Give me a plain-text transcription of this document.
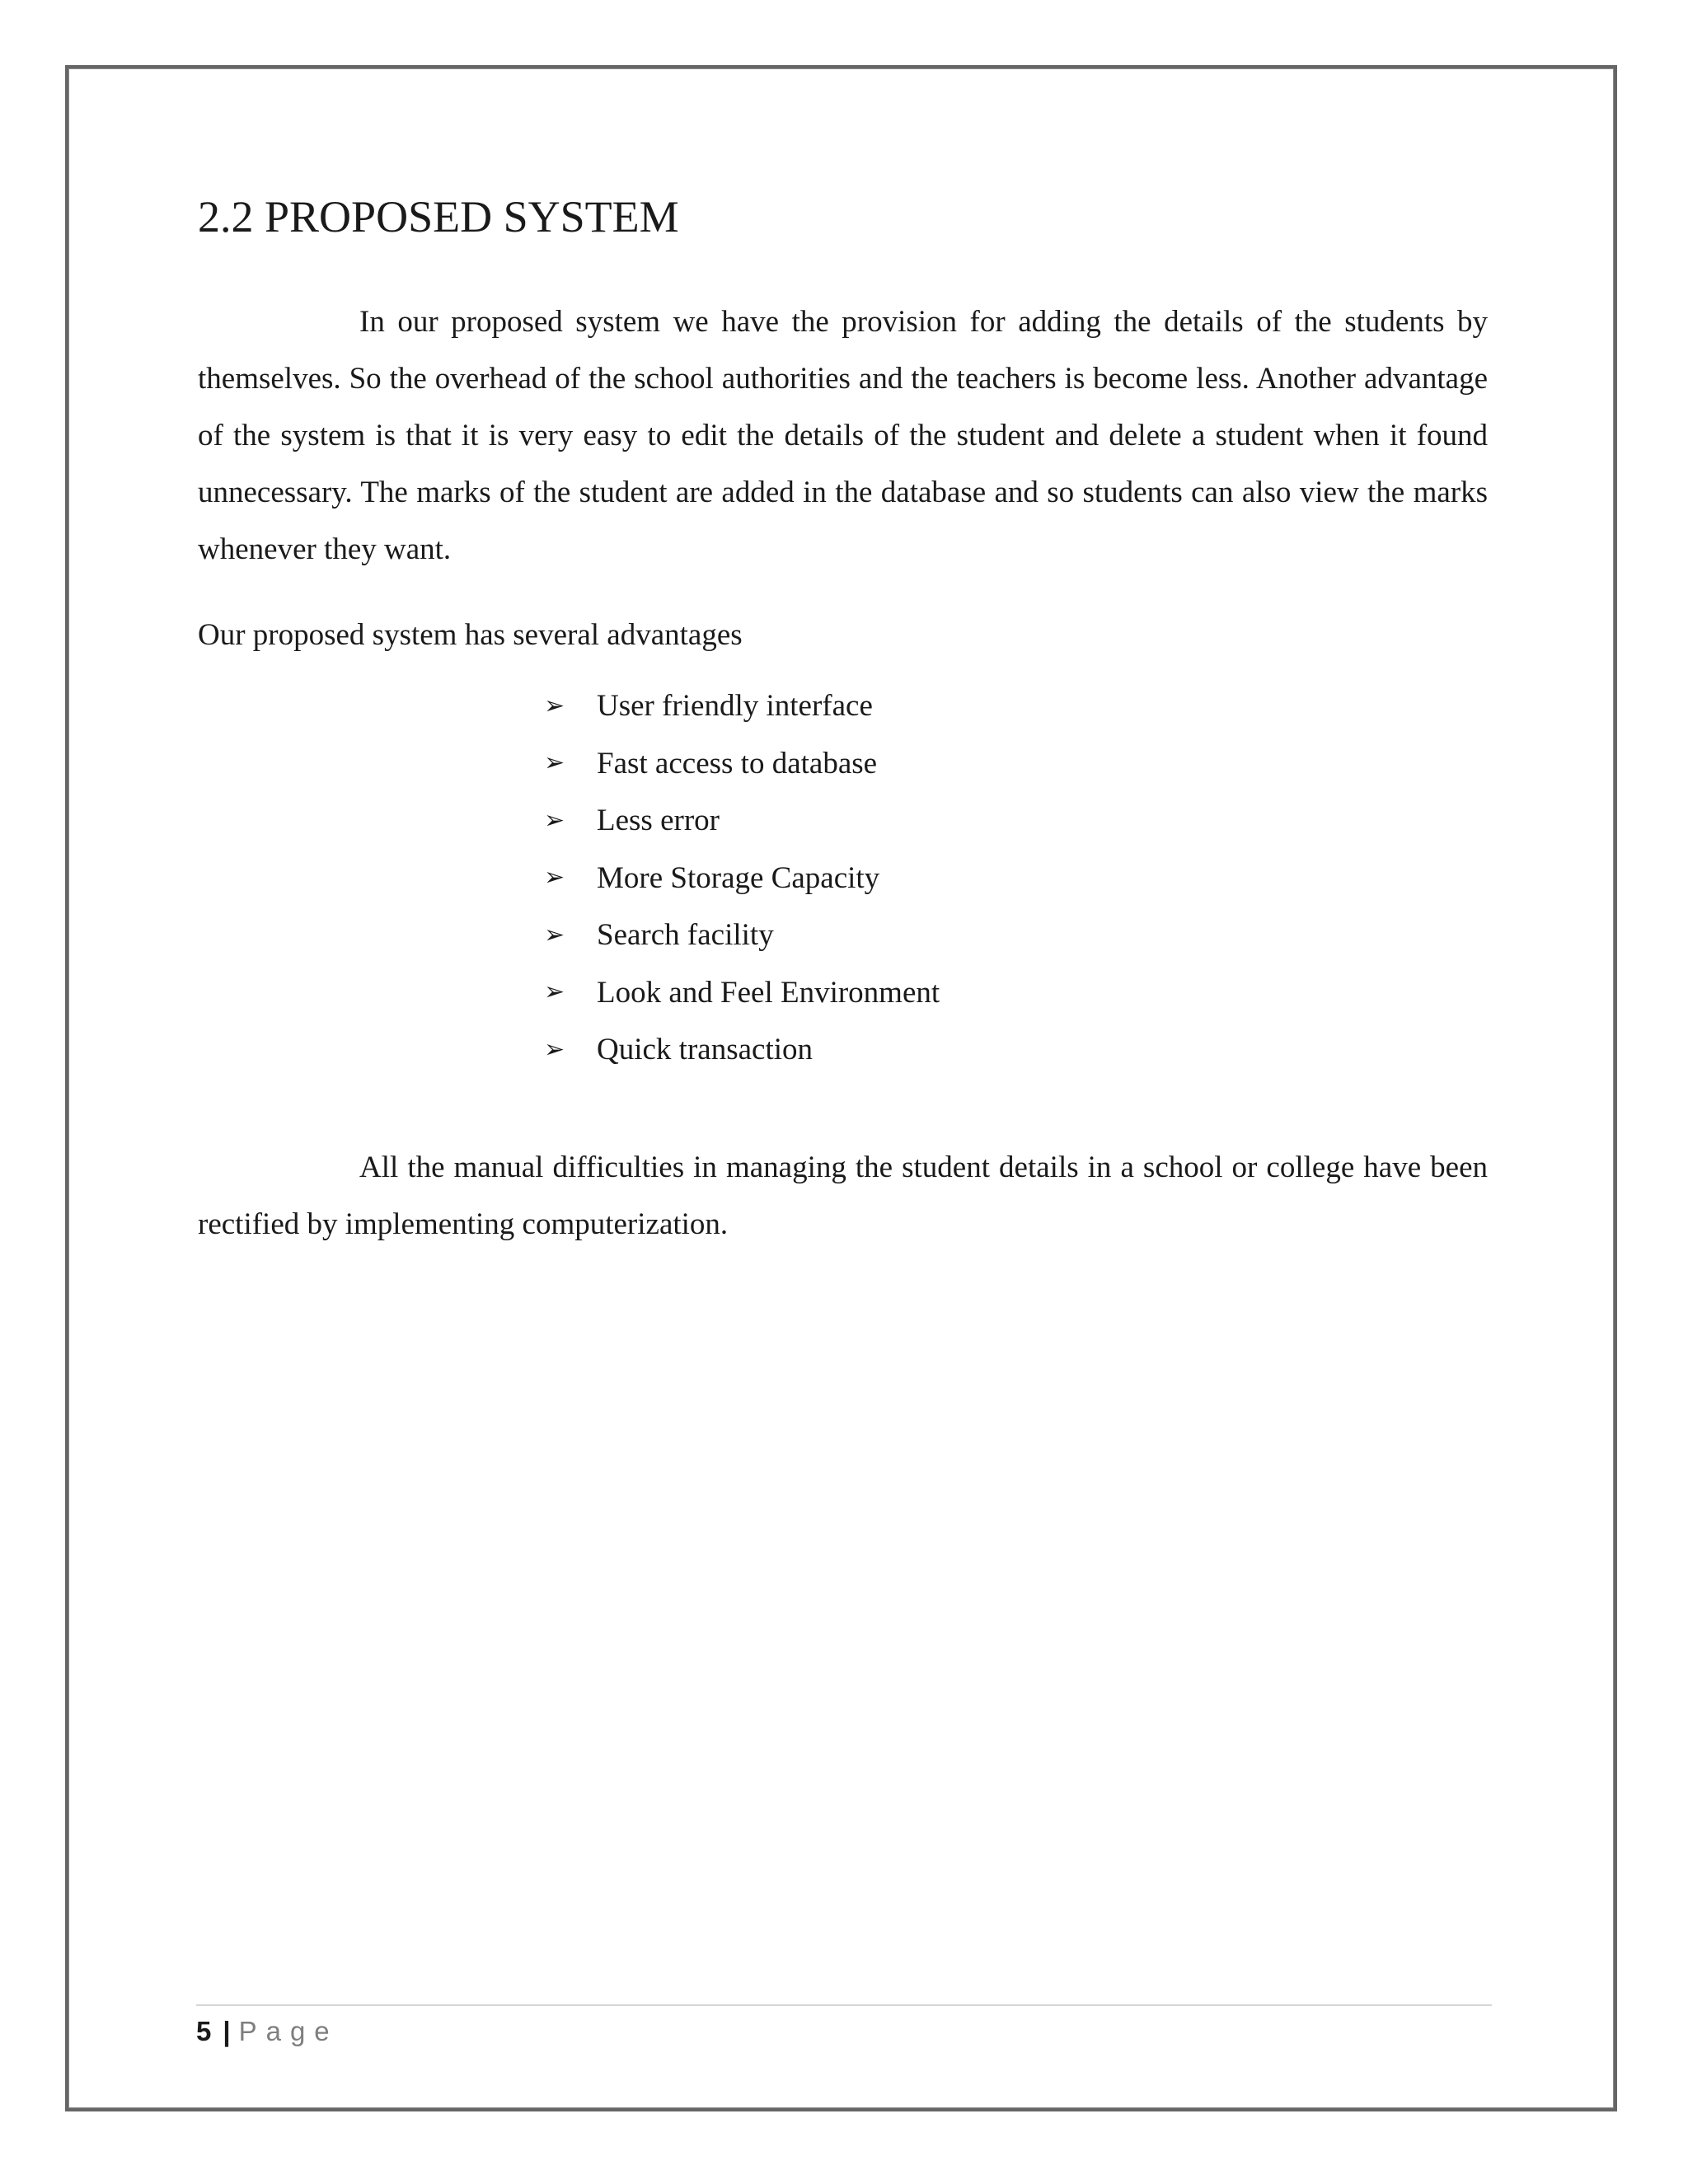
2.2 PROPOSED SYSTEM

In our proposed system we have the provision for adding the details of the students by themselves. So the overhead of the school authorities and the teachers is become less. Another advantage of the system is that it is very easy to edit the details of the student and delete a student when it found unnecessary. The marks of the student are added in the database and so students can also view the marks whenever they want.

Our proposed system has several advantages

➢	User friendly interface
➢	Fast access to database
➢	Less error
➢	More Storage Capacity
➢	Search facility
➢	Look and Feel Environment
➢	Quick transaction

All the manual difficulties in managing the student details in a school or college have been rectified by implementing computerization.

5 | Page
